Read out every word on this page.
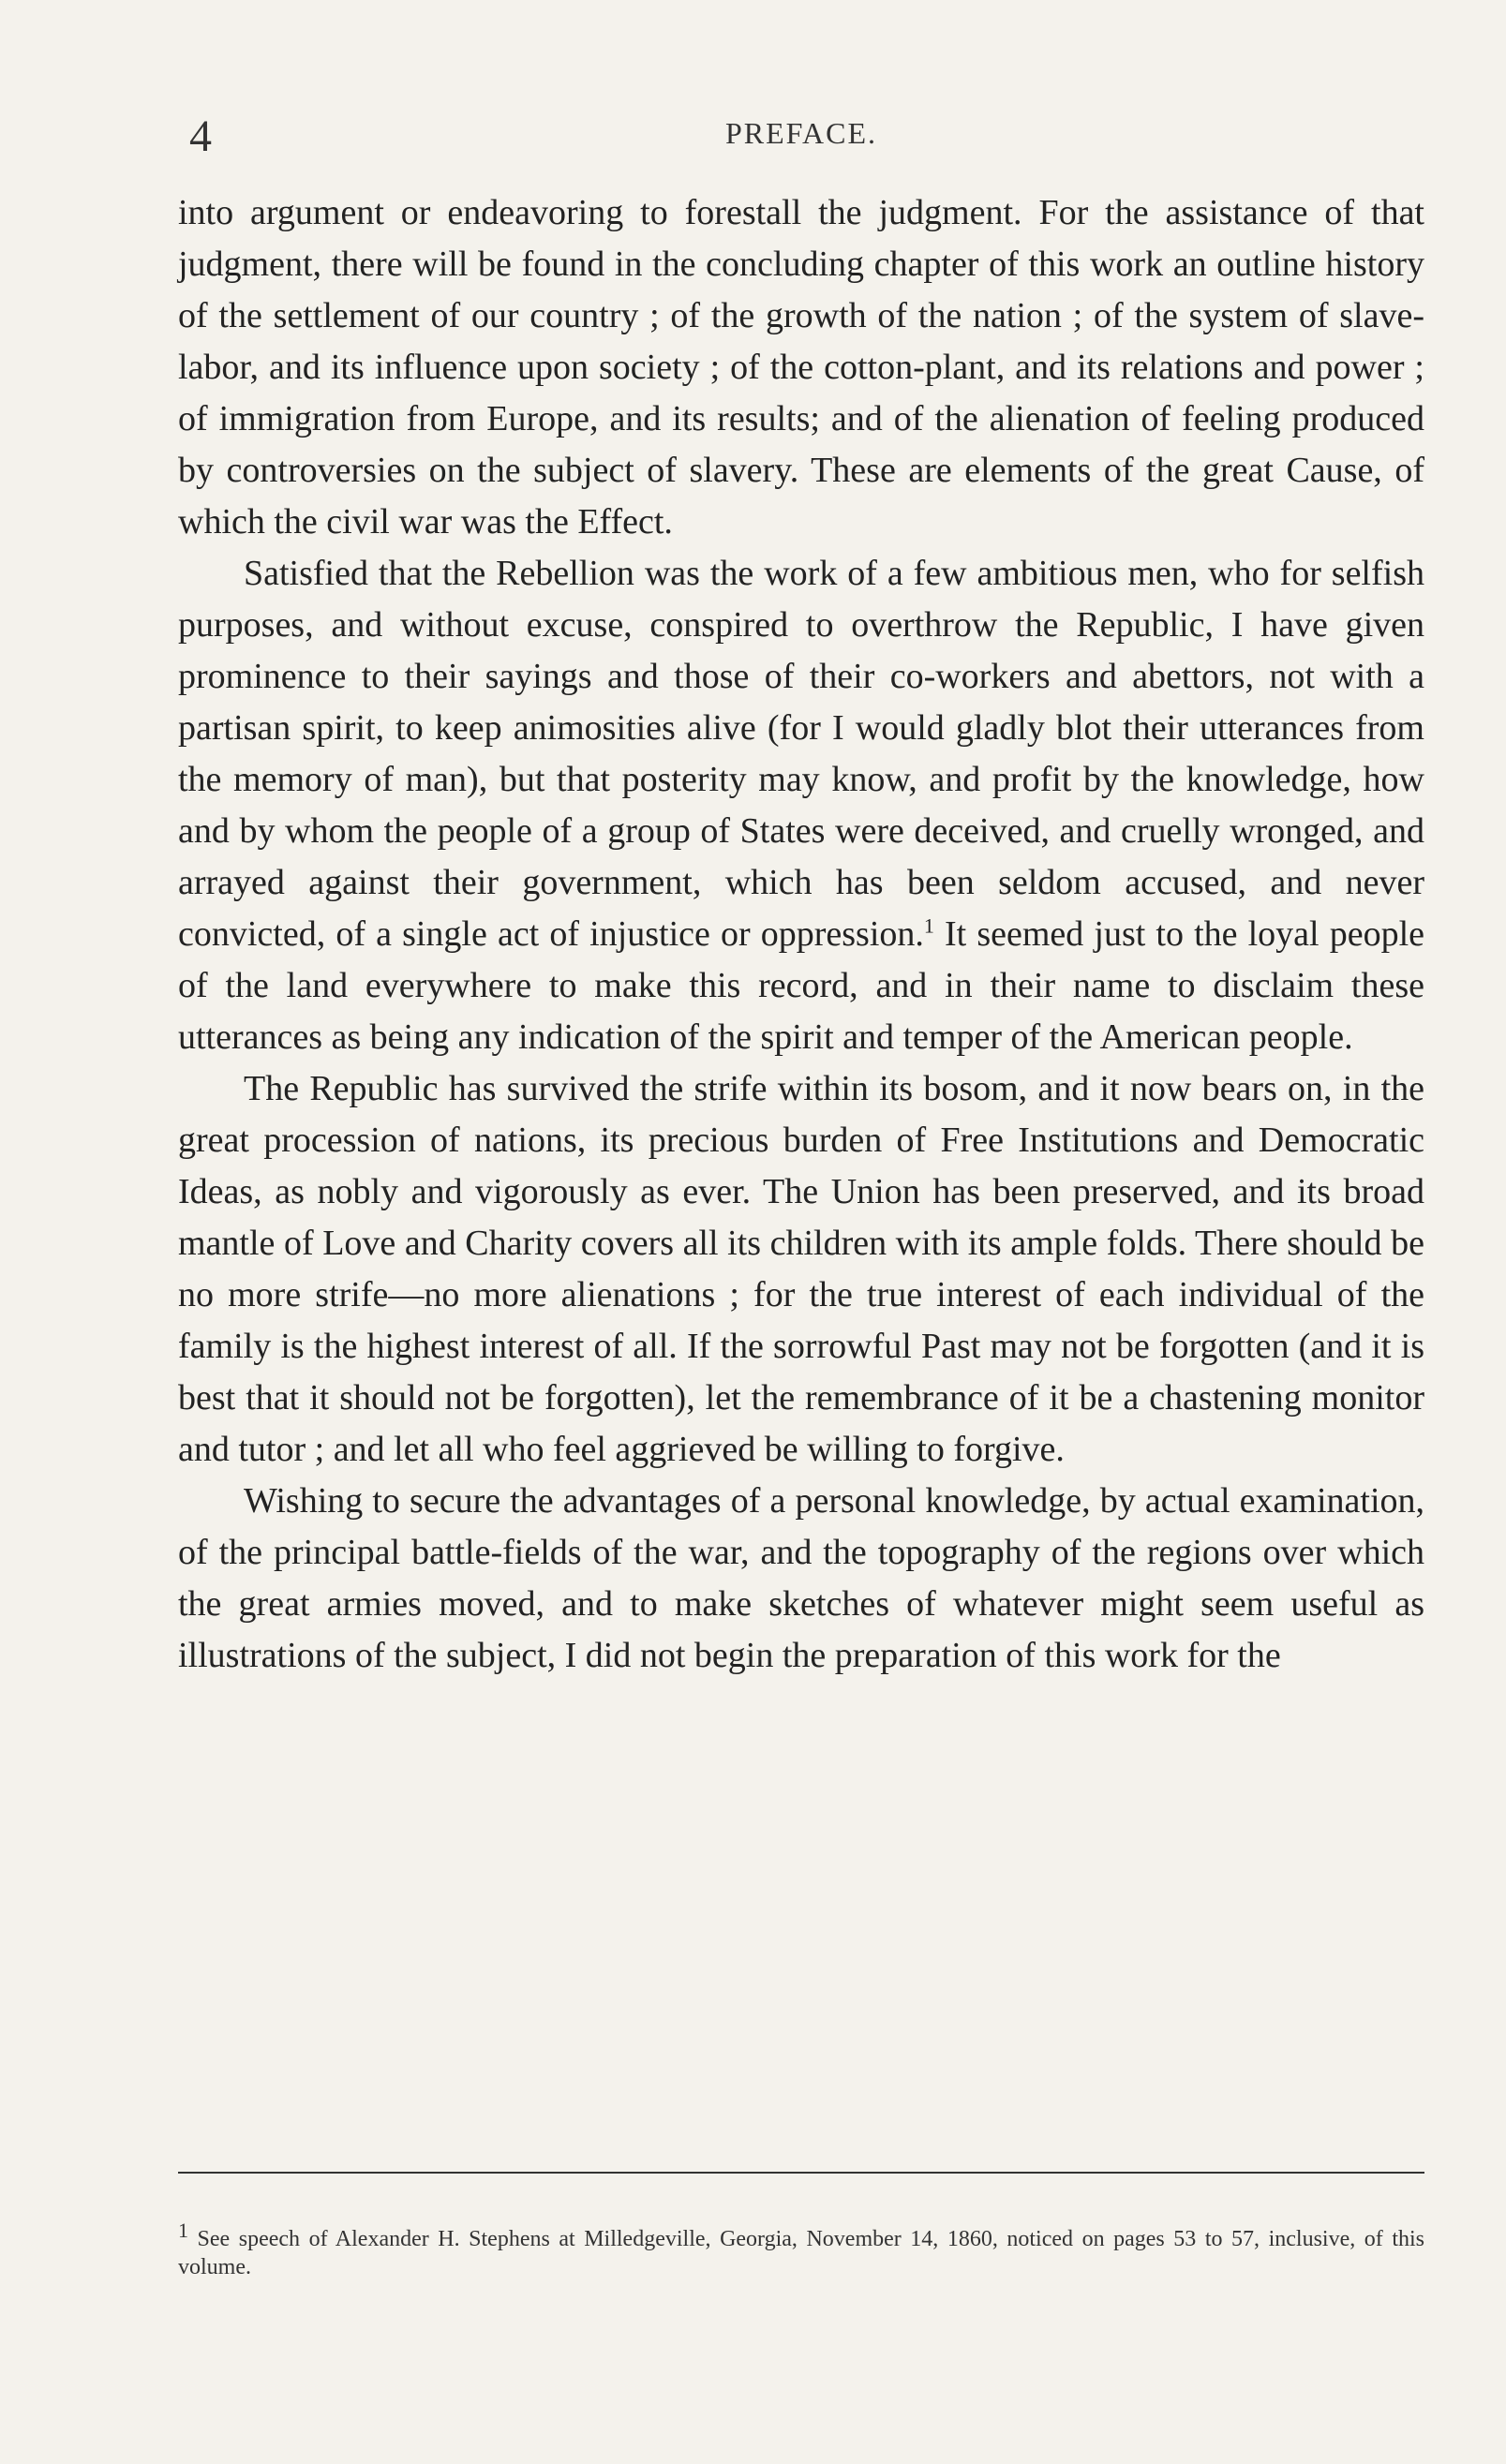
4	PREFACE.

into argument or endeavoring to forestall the judgment. For the assistance of that judgment, there will be found in the concluding chapter of this work an outline history of the settlement of our country ; of the growth of the nation ; of the system of slave-labor, and its influence upon society ; of the cotton-plant, and its relations and power ; of immigration from Europe, and its results; and of the alienation of feeling produced by controversies on the subject of slavery. These are elements of the great Cause, of which the civil war was the Effect.

Satisfied that the Rebellion was the work of a few ambitious men, who for selfish purposes, and without excuse, conspired to overthrow the Republic, I have given prominence to their sayings and those of their co-workers and abettors, not with a partisan spirit, to keep animosities alive (for I would gladly blot their utterances from the memory of man), but that posterity may know, and profit by the knowledge, how and by whom the people of a group of States were deceived, and cruelly wronged, and arrayed against their government, which has been seldom accused, and never convicted, of a single act of injustice or oppression.$^1$ It seemed just to the loyal people of the land everywhere to make this record, and in their name to disclaim these utterances as being any indication of the spirit and temper of the American people.

The Republic has survived the strife within its bosom, and it now bears on, in the great procession of nations, its precious burden of Free Institutions and Democratic Ideas, as nobly and vigorously as ever. The Union has been preserved, and its broad mantle of Love and Charity covers all its children with its ample folds. There should be no more strife—no more alienations ; for the true interest of each individual of the family is the highest interest of all. If the sorrowful Past may not be forgotten (and it is best that it should not be forgotten), let the remembrance of it be a chastening monitor and tutor ; and let all who feel aggrieved be willing to forgive.

Wishing to secure the advantages of a personal knowledge, by actual examination, of the principal battle-fields of the war, and the topography of the regions over which the great armies moved, and to make sketches of whatever might seem useful as illustrations of the subject, I did not begin the preparation of this work for the

$^1$ See speech of Alexander H. Stephens at Milledgeville, Georgia, November 14, 1860, noticed on pages 53 to 57, inclusive, of this volume.
